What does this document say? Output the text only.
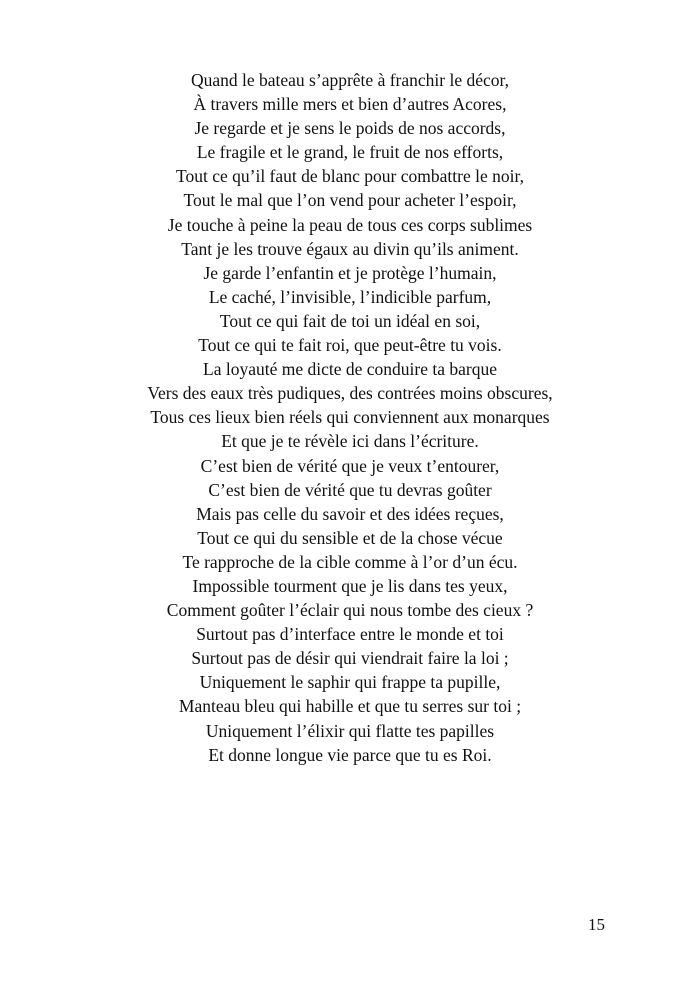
Quand le bateau s’apprête à franchir le décor,
À travers mille mers et bien d’autres Acores,
Je regarde et je sens le poids de nos accords,
Le fragile et le grand, le fruit de nos efforts,
Tout ce qu’il faut de blanc pour combattre le noir,
Tout le mal que l’on vend pour acheter l’espoir,
Je touche à peine la peau de tous ces corps sublimes
Tant je les trouve égaux au divin qu’ils animent.
Je garde l’enfantin et je protège l’humain,
Le caché, l’invisible, l’indicible parfum,
Tout ce qui fait de toi un idéal en soi,
Tout ce qui te fait roi, que peut-être tu vois.
La loyauté me dicte de conduire ta barque
Vers des eaux très pudiques, des contrées moins obscures,
Tous ces lieux bien réels qui conviennent aux monarques
Et que je te révèle ici dans l’écriture.
C’est bien de vérité que je veux t’entourer,
C’est bien de vérité que tu devras goûter
Mais pas celle du savoir et des idées reçues,
Tout ce qui du sensible et de la chose vécue
Te rapproche de la cible comme à l’or d’un écu.
Impossible tourment que je lis dans tes yeux,
Comment goûter l’éclair qui nous tombe des cieux ?
Surtout pas d’interface entre le monde et toi
Surtout pas de désir qui viendrait faire la loi ;
Uniquement le saphir qui frappe ta pupille,
Manteau bleu qui habille et que tu serres sur toi ;
Uniquement l’élixir qui flatte tes papilles
Et donne longue vie parce que tu es Roi.
15
